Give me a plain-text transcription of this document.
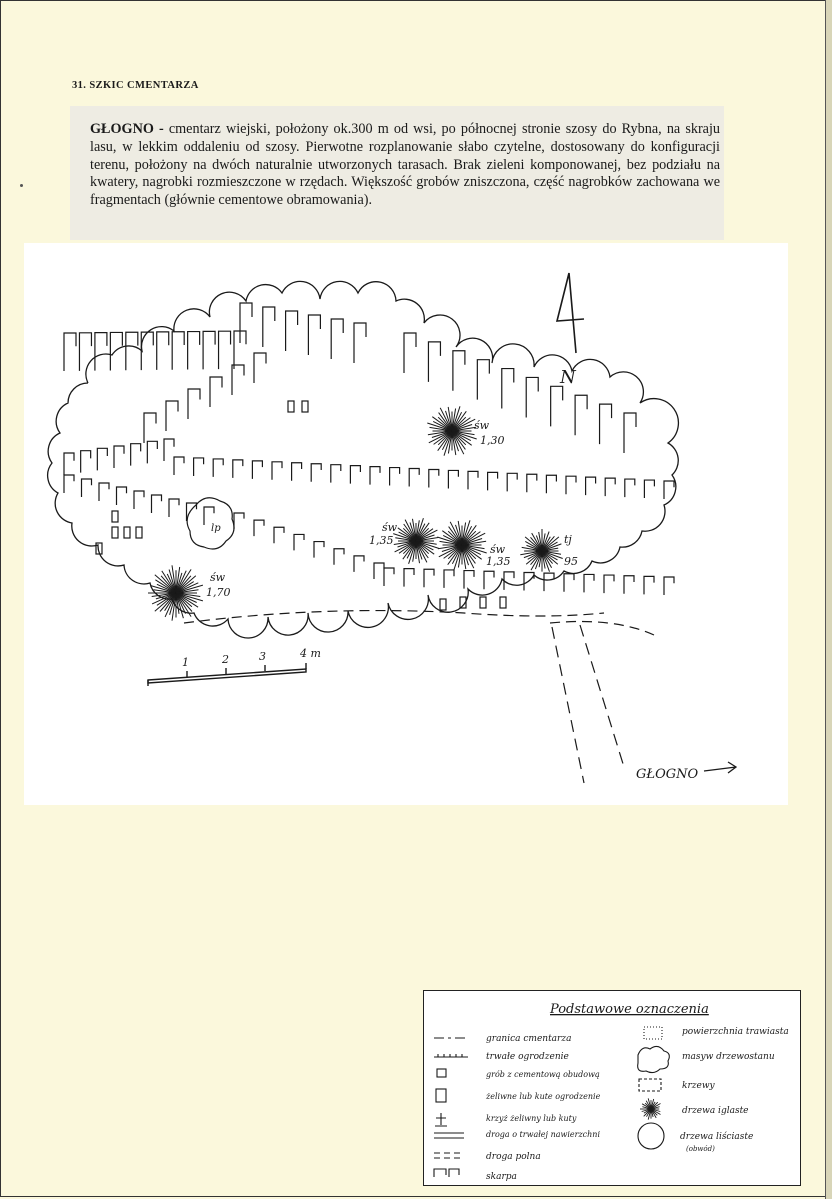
31. SZKIC CMENTARZA
GŁOGNO - cmentarz wiejski, położony ok.300 m od wsi, po północnej stronie szosy do Rybna, na skraju lasu, w lekkim oddaleniu od szosy. Pierwotne rozplanowanie słabo czytelne, dostosowany do konfiguracji terenu, położony na dwóch naturalnie utworzonych tarasach. Brak zieleni komponowanej, bez podziału na kwatery, nagrobki rozmieszczone w rzędach. Większość grobów zniszczona, część nagrobków zachowana we fragmentach (głównie cementowe obramowania).
N
lp	św
1,35
św
1,35
tj
95
św
1,30
św
1,70
1	2	3	4 m
GŁOGNO
Podstawowe oznaczenia
granica cmentarza
trwałe ogrodzenie
grób z cementową obudową
żeliwne lub kute ogrodzenie
krzyż żeliwny lub kuty
droga o trwałej nawierzchni
droga polna
skarpa
powierzchnia trawiasta
masyw drzewostanu
krzewy
drzewa iglaste
drzewa liściaste
(obwód)
